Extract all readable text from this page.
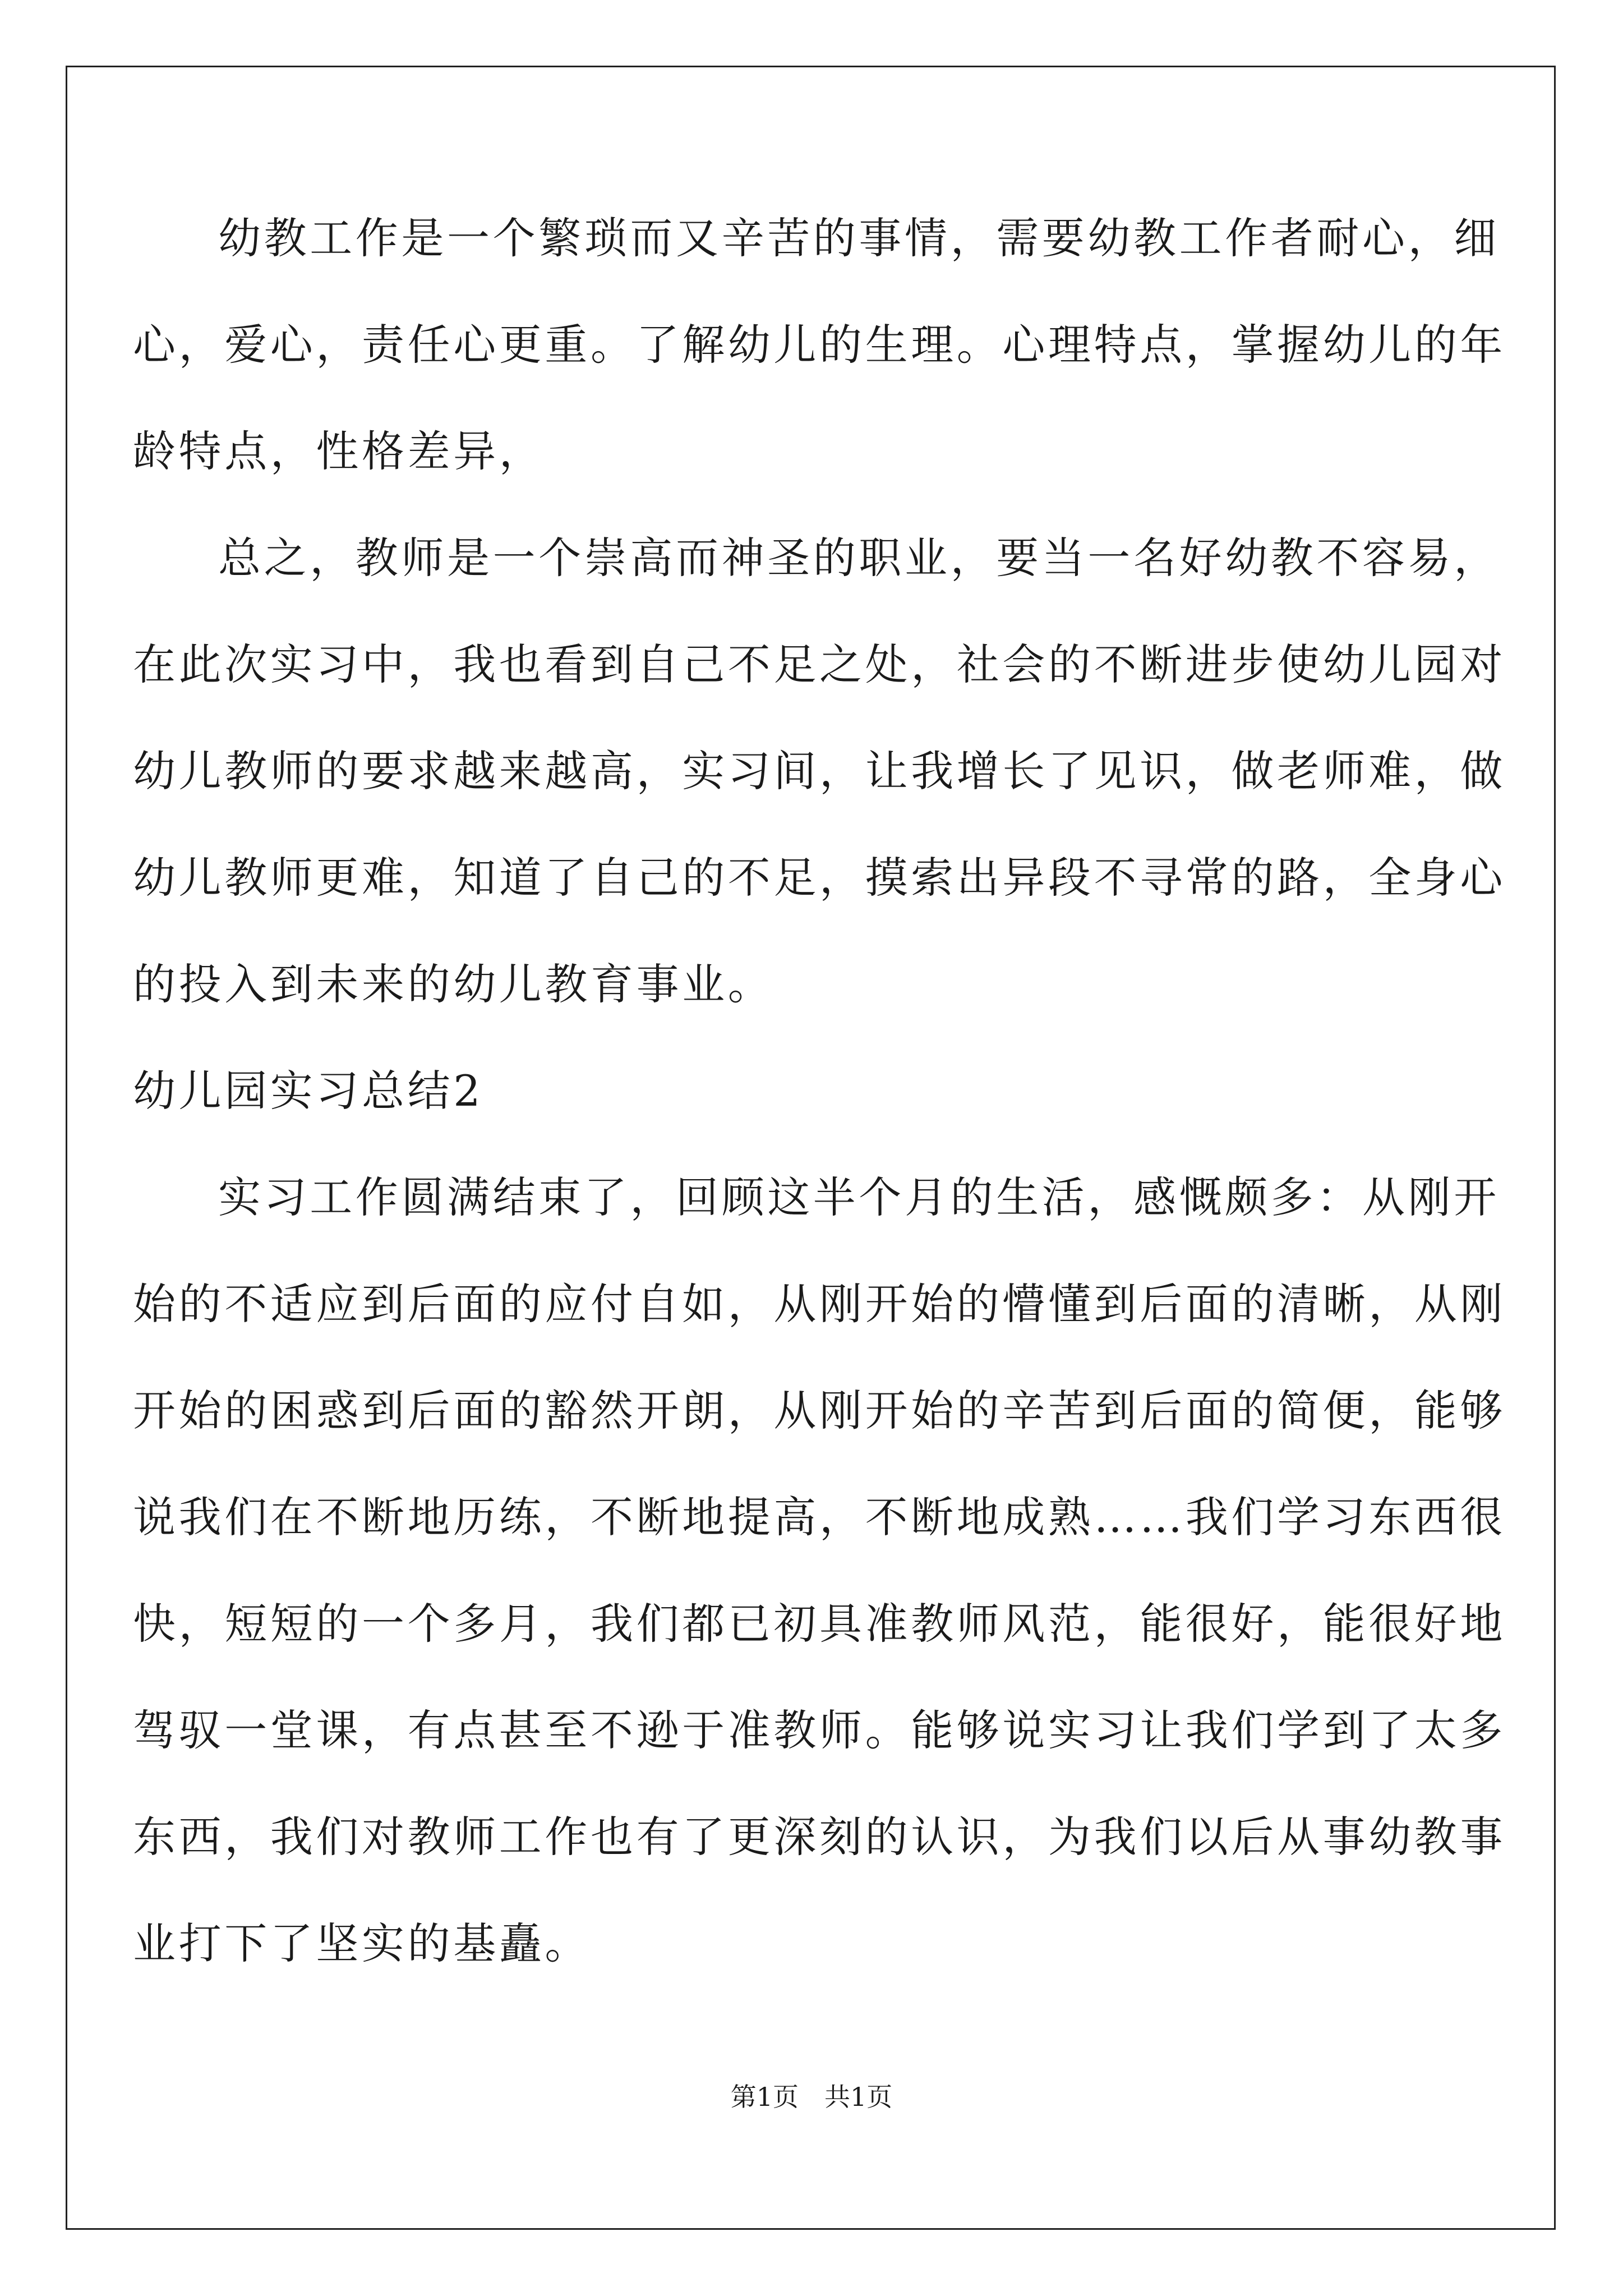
幼教工作是一个繁琐而又辛苦的事情，需要幼教工作者耐心，细

心，爱心，责任心更重。了解幼儿的生理。心理特点，掌握幼儿的年

龄特点，性格差异，

总之，教师是一个崇高而神圣的职业，要当一名好幼教不容易，

在此次实习中，我也看到自己不足之处，社会的不断进步使幼儿园对

幼儿教师的要求越来越高，实习间，让我增长了见识，做老师难，做

幼儿教师更难，知道了自己的不足，摸索出异段不寻常的路，全身心

的投入到未来的幼儿教育事业。

幼儿园实习总结2

实习工作圆满结束了，回顾这半个月的生活，感慨颇多：从刚开

始的不适应到后面的应付自如，从刚开始的懵懂到后面的清晰，从刚

开始的困惑到后面的豁然开朗，从刚开始的辛苦到后面的简便，能够

说我们在不断地历练，不断地提高，不断地成熟……我们学习东西很

快，短短的一个多月，我们都已初具准教师风范，能很好，能很好地

驾驭一堂课，有点甚至不逊于准教师。能够说实习让我们学到了太多

东西，我们对教师工作也有了更深刻的认识，为我们以后从事幼教事

业打下了坚实的基矗。

第1页　共1页
